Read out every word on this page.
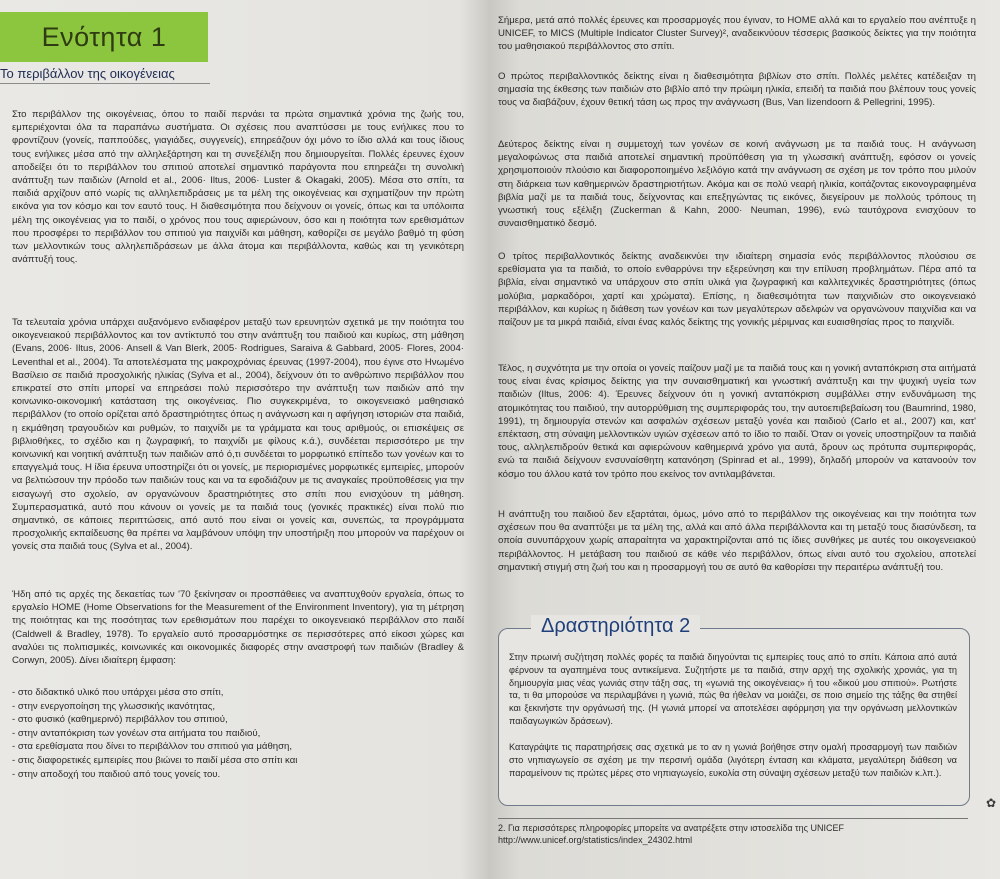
Ενότητα 1
Το περιβάλλον της οικογένειας

Στο περιβάλλον της οικογένειας, όπου το παιδί περνάει τα πρώτα σημαντικά χρόνια της ζωής του, εμπεριέχονται όλα τα παραπάνω συστήματα. Οι σχέσεις που αναπτύσσει με τους ενήλικες που το φροντίζουν (γονείς, παππούδες, γιαγιάδες, συγγενείς), επηρεάζουν όχι μόνο το ίδιο αλλά και τους ίδιους τους ενήλικες μέσα από την αλληλεξάρτηση και τη συνεξέλιξη που δημιουργείται. Πολλές έρευνες έχουν αποδείξει ότι το περιβάλλον του σπιτιού αποτελεί σημαντικό παράγοντα που επηρεάζει τη συνολική ανάπτυξη των παιδιών (Arnold et al., 2006· Iltus, 2006· Luster & Okagaki, 2005). Μέσα στο σπίτι, τα παιδιά αρχίζουν από νωρίς τις αλληλεπιδράσεις με τα μέλη της οικογένειας και σχηματίζουν την πρώτη εικόνα για τον κόσμο και τον εαυτό τους. Η διαθεσιμότητα που δείχνουν οι γονείς, όπως και τα υπόλοιπα μέλη της οικογένειας για το παιδί, ο χρόνος που τους αφιερώνουν, όσο και η ποιότητα των ερεθισμάτων που προσφέρει το περιβάλλον του σπιτιού για παιχνίδι και μάθηση, καθορίζει σε μεγάλο βαθμό τη φύση των μελλοντικών τους αλληλεπιδράσεων με άλλα άτομα και περιβάλλοντα, καθώς και τη γενικότερη ανάπτυξή τους.

Τα τελευταία χρόνια υπάρχει αυξανόμενο ενδιαφέρον μεταξύ των ερευνητών σχετικά με την ποιότητα του οικογενειακού περιβάλλοντος και τον αντίκτυπό του στην ανάπτυξη του παιδιού και κυρίως, στη μάθηση (Evans, 2006· Iltus, 2006· Ansell & Van Blerk, 2005· Rodrigues, Saraiva & Gabbard, 2005· Flores, 2004· Leventhal et al., 2004). Τα αποτελέσματα της μακροχρόνιας έρευνας (1997-2004), που έγινε στο Ηνωμένο Βασίλειο σε παιδιά προσχολικής ηλικίας (Sylva et al., 2004), δείχνουν ότι το ανθρώπινο περιβάλλον που επικρατεί στο σπίτι μπορεί να επηρεάσει πολύ περισσότερο την ανάπτυξη των παιδιών από την κοινωνικο-οικονομική κατάσταση της οικογένειας. Πιο συγκεκριμένα, το οικογενειακό μαθησιακό περιβάλλον (το οποίο ορίζεται από δραστηριότητες όπως η ανάγνωση και η αφήγηση ιστοριών στα παιδιά, η εκμάθηση τραγουδιών και ρυθμών, το παιχνίδι με τα γράμματα και τους αριθμούς, οι επισκέψεις σε βιβλιοθήκες, το σχέδιο και η ζωγραφική, το παιχνίδι με φίλους κ.ά.), συνδέεται περισσότερο με την κοινωνική και νοητική ανάπτυξη των παιδιών από ό,τι συνδέεται το μορφωτικό επίπεδο των γονέων και το επαγγελμά τους. Η ίδια έρευνα υποστηρίζει ότι οι γονείς, με περιορισμένες μορφωτικές εμπειρίες, μπορούν να βελτιώσουν την πρόοδο των παιδιών τους και να τα εφοδιάζουν με τις αναγκαίες προϋποθέσεις για την εισαγωγή στο σχολείο, αν οργανώνουν δραστηριότητες στο σπίτι που ενισχύουν τη μάθηση. Συμπερασματικά, αυτό που κάνουν οι γονείς με τα παιδιά τους (γονικές πρακτικές) είναι πολύ πιο σημαντικό, σε κάποιες περιπτώσεις, από αυτό που είναι οι γονείς και, συνεπώς, τα προγράμματα προσχολικής εκπαίδευσης θα πρέπει να λαμβάνουν υπόψη την υποστήριξη που μπορούν να παρέχουν οι γονείς στα παιδιά τους (Sylva et al., 2004).

Ήδη από τις αρχές της δεκαετίας των '70 ξεκίνησαν οι προσπάθειες να αναπτυχθούν εργαλεία, όπως το εργαλείο HOME (Home Observations for the Measurement of the Environment Inventory), για τη μέτρηση της ποιότητας και της ποσότητας των ερεθισμάτων που παρέχει το οικογενειακό περιβάλλον στο παιδί (Caldwell & Bradley, 1978). Το εργαλείο αυτό προσαρμόστηκε σε περισσότερες από είκοσι χώρες και αναλύει τις πολιτισμικές, κοινωνικές και οικονομικές διαφορές στην αναστροφή των παιδιών (Bradley & Corwyn, 2005). Δίνει ιδιαίτερη έμφαση:

- στο διδακτικό υλικό που υπάρχει μέσα στο σπίτι,
- στην ενεργοποίηση της γλωσσικής ικανότητας,
- στο φυσικό (καθημερινό) περιβάλλον του σπιτιού,
- στην ανταπόκριση των γονέων στα αιτήματα του παιδιού,
- στα ερεθίσματα που δίνει το περιβάλλον του σπιτιού για μάθηση,
- στις διαφορετικές εμπειρίες που βιώνει το παιδί μέσα στο σπίτι και
- στην αποδοχή του παιδιού από τους γονείς του.

Σήμερα, μετά από πολλές έρευνες και προσαρμογές που έγιναν, το HOME αλλά και το εργαλείο που ανέπτυξε η UNICEF, το MICS (Multiple Indicator Cluster Survey)², αναδεικνύουν τέσσερις βασικούς δείκτες για την ποιότητα του μαθησιακού περιβάλλοντος στο σπίτι.

Ο πρώτος περιβαλλοντικός δείκτης είναι η διαθεσιμότητα βιβλίων στο σπίτι. Πολλές μελέτες κατέδειξαν τη σημασία της έκθεσης των παιδιών στο βιβλίο από την πρώιμη ηλικία, επειδή τα παιδιά που βλέπουν τους γονείς τους να διαβάζουν, έχουν θετική τάση ως προς την ανάγνωση (Bus, Van Iizendoorn & Pellegrini, 1995).

Δεύτερος δείκτης είναι η συμμετοχή των γονέων σε κοινή ανάγνωση με τα παιδιά τους. Η ανάγνωση μεγαλοφώνως στα παιδιά αποτελεί σημαντική προϋπόθεση για τη γλωσσική ανάπτυξη, εφόσον οι γονείς χρησιμοποιούν πλούσιο και διαφοροποιημένο λεξιλόγιο κατά την ανάγνωση σε σχέση με τον τρόπο που μιλούν στη διάρκεια των καθημερινών δραστηριοτήτων. Ακόμα και σε πολύ νεαρή ηλικία, κοιτάζοντας εικονογραφημένα βιβλία μαζί με τα παιδιά τους, δείχνοντας και επεξηγώντας τις εικόνες, διεγείρουν με πολλούς τρόπους τη γνωστική τους εξέλιξη (Zuckerman & Kahn, 2000· Neuman, 1996), ενώ ταυτόχρονα ενισχύουν το συναισθηματικό δεσμό.

Ο τρίτος περιβαλλοντικός δείκτης αναδεικνύει την ιδιαίτερη σημασία ενός περιβάλλοντος πλούσιου σε ερεθίσματα για τα παιδιά, το οποίο ενθαρρύνει την εξερεύνηση και την επίλυση προβλημάτων. Πέρα από τα βιβλία, είναι σημαντικό να υπάρχουν στο σπίτι υλικά για ζωγραφική και καλλιτεχνικές δραστηριότητες (όπως μολύβια, μαρκαδόροι, χαρτί και χρώματα). Επίσης, η διαθεσιμότητα των παιχνιδιών στο οικογενειακό περιβάλλον, και κυρίως η διάθεση των γονέων και των μεγαλύτερων αδελφών να οργανώνουν παιχνίδια και να παίζουν με τα μικρά παιδιά, είναι ένας καλός δείκτης της γονικής μέριμνας και ευαισθησίας προς το παιχνίδι.

Τέλος, η συχνότητα με την οποία οι γονείς παίζουν μαζί με τα παιδιά τους και η γονική ανταπόκριση στα αιτήματά τους είναι ένας κρίσιμος δείκτης για την συναισθηματική και γνωστική ανάπτυξη και την ψυχική υγεία των παιδιών (Iltus, 2006: 4). Έρευνες δείχνουν ότι η γονική ανταπόκριση συμβάλλει στην ενδυνάμωση της ατομικότητας του παιδιού, την αυτορρύθμιση της συμπεριφοράς του, την αυτοεπιβεβαίωση του (Baumrind, 1980, 1991), τη δημιουργία στενών και ασφαλών σχέσεων μεταξύ γονέα και παιδιού (Carlo et al., 2007) και, κατ' επέκταση, στη σύναψη μελλοντικών υγιών σχέσεων από το ίδιο το παιδί. Όταν οι γονείς υποστηρίζουν τα παιδιά τους, αλληλεπιδρούν θετικά και αφιερώνουν καθημερινά χρόνο για αυτά, δρουν ως πρότυπα συμπεριφοράς, ενώ τα παιδιά δείχνουν ενσυναίσθητη κατανόηση (Spinrad et al., 1999), δηλαδή μπορούν να κατανοούν τον κόσμο του άλλου κατά τον τρόπο που εκείνος τον αντιλαμβάνεται.

Η ανάπτυξη του παιδιού δεν εξαρτάται, όμως, μόνο από το περιβάλλον της οικογένειας και την ποιότητα των σχέσεων που θα αναπτύξει με τα μέλη της, αλλά και από άλλα περιβάλλοντα και τη μεταξύ τους διασύνδεση, τα οποία συνυπάρχουν χωρίς απαραίτητα να χαρακτηρίζονται από τις ίδιες συνθήκες με αυτές του οικογενειακού περιβάλλοντος. Η μετάβαση του παιδιού σε κάθε νέο περιβάλλον, όπως είναι αυτό του σχολείου, αποτελεί σημαντική στιγμή στη ζωή του και η προσαρμογή του σε αυτό θα καθορίσει την περαιτέρω ανάπτυξή του.

Δραστηριότητα 2

Στην πρωινή συζήτηση πολλές φορές τα παιδιά διηγούνται τις εμπειρίες τους από το σπίτι. Κάποια από αυτά φέρνουν τα αγαπημένα τους αντικείμενα. Συζητήστε με τα παιδιά, στην αρχή της σχολικής χρονιάς, για τη δημιουργία μιας νέας γωνιάς στην τάξη σας, τη «γωνιά της οικογένειας» ή του «δικού μου σπιτιού». Ρωτήστε τα, τι θα μπορούσε να περιλαμβάνει η γωνιά, πώς θα ήθελαν να μοιάζει, σε ποιο σημείο της τάξης θα στηθεί και ξεκινήστε την οργάνωσή της. (Η γωνιά μπορεί να αποτελέσει αφόρμηση για την οργάνωση μελλοντικών παιδαγωγικών δράσεων).

Καταγράψτε τις παρατηρήσεις σας σχετικά με το αν η γωνιά βοήθησε στην ομαλή προσαρμογή των παιδιών στο νηπιαγωγείο σε σχέση με την περσινή ομάδα (λιγότερη ένταση και κλάματα, μεγαλύτερη διάθεση να παραμείνουν τις πρώτες μέρες στο νηπιαγωγείο, ευκολία στη σύναψη σχέσεων μεταξύ των παιδιών κ.λπ.).

2. Για περισσότερες πληροφορίες μπορείτε να ανατρέξετε στην ιστοσελίδα της UNICEF
http://www.unicef.org/statistics/index_24302.html
✿
